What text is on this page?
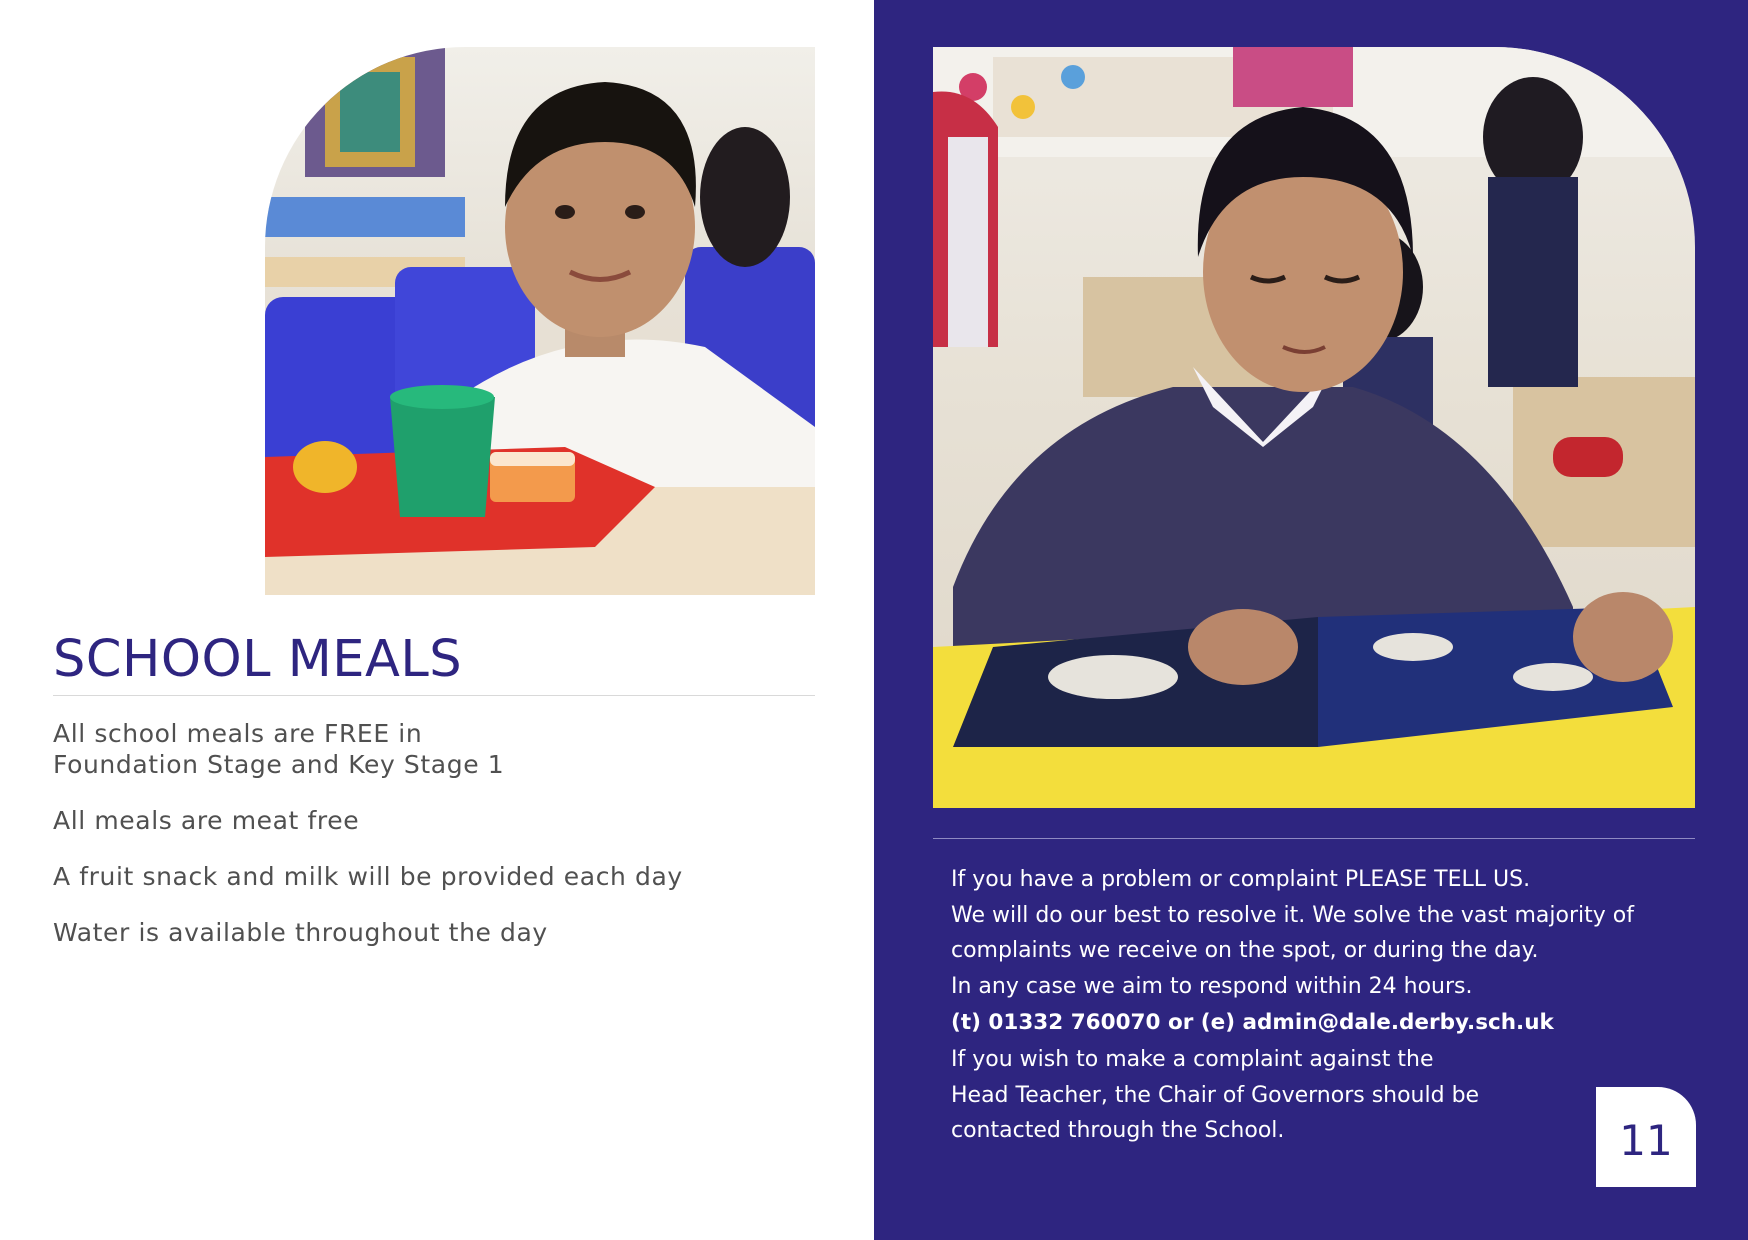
SCHOOL MEALS
All school meals are FREE in
Foundation Stage and Key Stage 1
All meals are meat free
A fruit snack and milk will be provided each day
Water is available throughout the day

If you have a problem or complaint PLEASE TELL US.

We will do our best to resolve it. We solve the vast majority of

complaints we receive on the spot, or during the day.

In any case we aim to respond within 24 hours.

(t) 01332 760070 or (e) admin@dale.derby.sch.uk

If you wish to make a complaint against the

Head Teacher, the Chair of Governors should be

contacted through the School.	11
